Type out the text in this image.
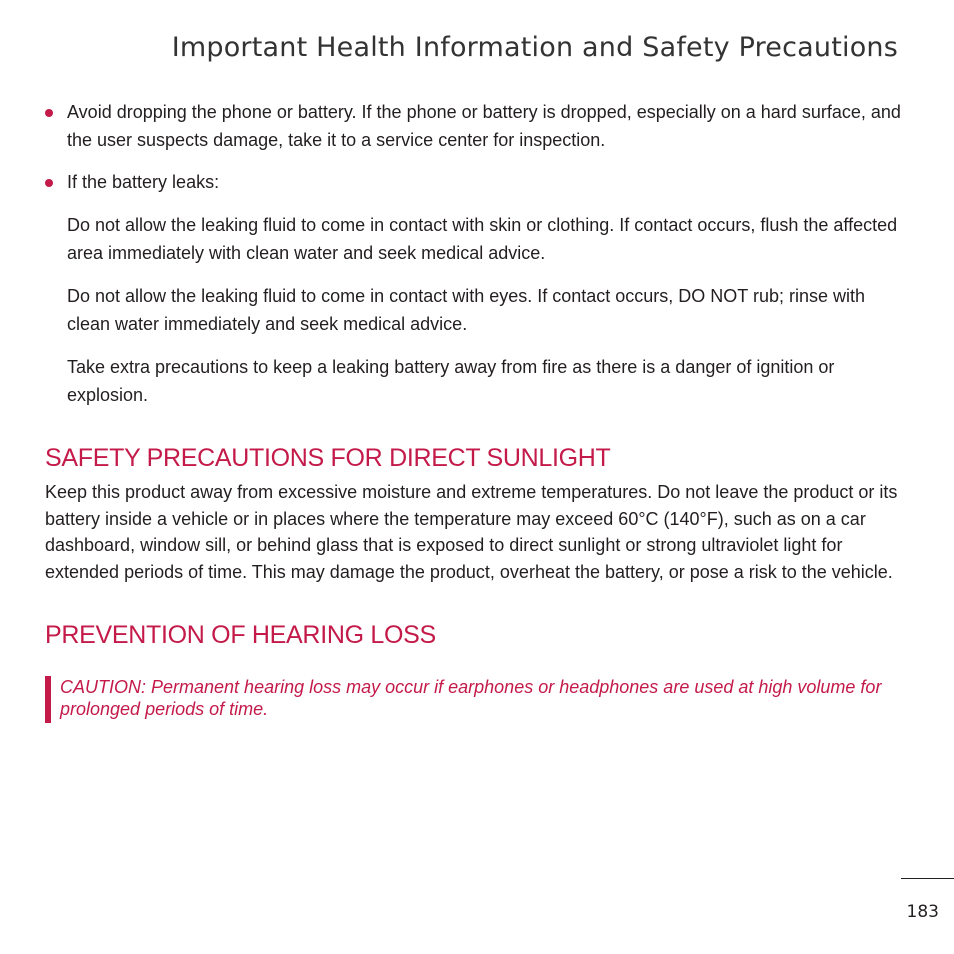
Important Health Information and Safety Precautions
Avoid dropping the phone or battery. If the phone or battery is dropped, especially on a hard surface, and the user suspects damage, take it to a service center for inspection.
If the battery leaks:

Do not allow the leaking fluid to come in contact with skin or clothing. If contact occurs, flush the affected area immediately with clean water and seek medical advice.

Do not allow the leaking fluid to come in contact with eyes. If contact occurs, DO NOT rub; rinse with clean water immediately and seek medical advice.

Take extra precautions to keep a leaking battery away from fire as there is a danger of ignition or explosion.

SAFETY PRECAUTIONS FOR DIRECT SUNLIGHT

Keep this product away from excessive moisture and extreme temperatures. Do not leave the product or its battery inside a vehicle or in places where the temperature may exceed 60°C (140°F), such as on a car dashboard, window sill, or behind glass that is exposed to direct sunlight or strong ultraviolet light for extended periods of time. This may damage the product, overheat the battery, or pose a risk to the vehicle.

PREVENTION OF HEARING LOSS
CAUTION: Permanent hearing loss may occur if earphones or headphones are used at high volume for prolonged periods of time.
183
